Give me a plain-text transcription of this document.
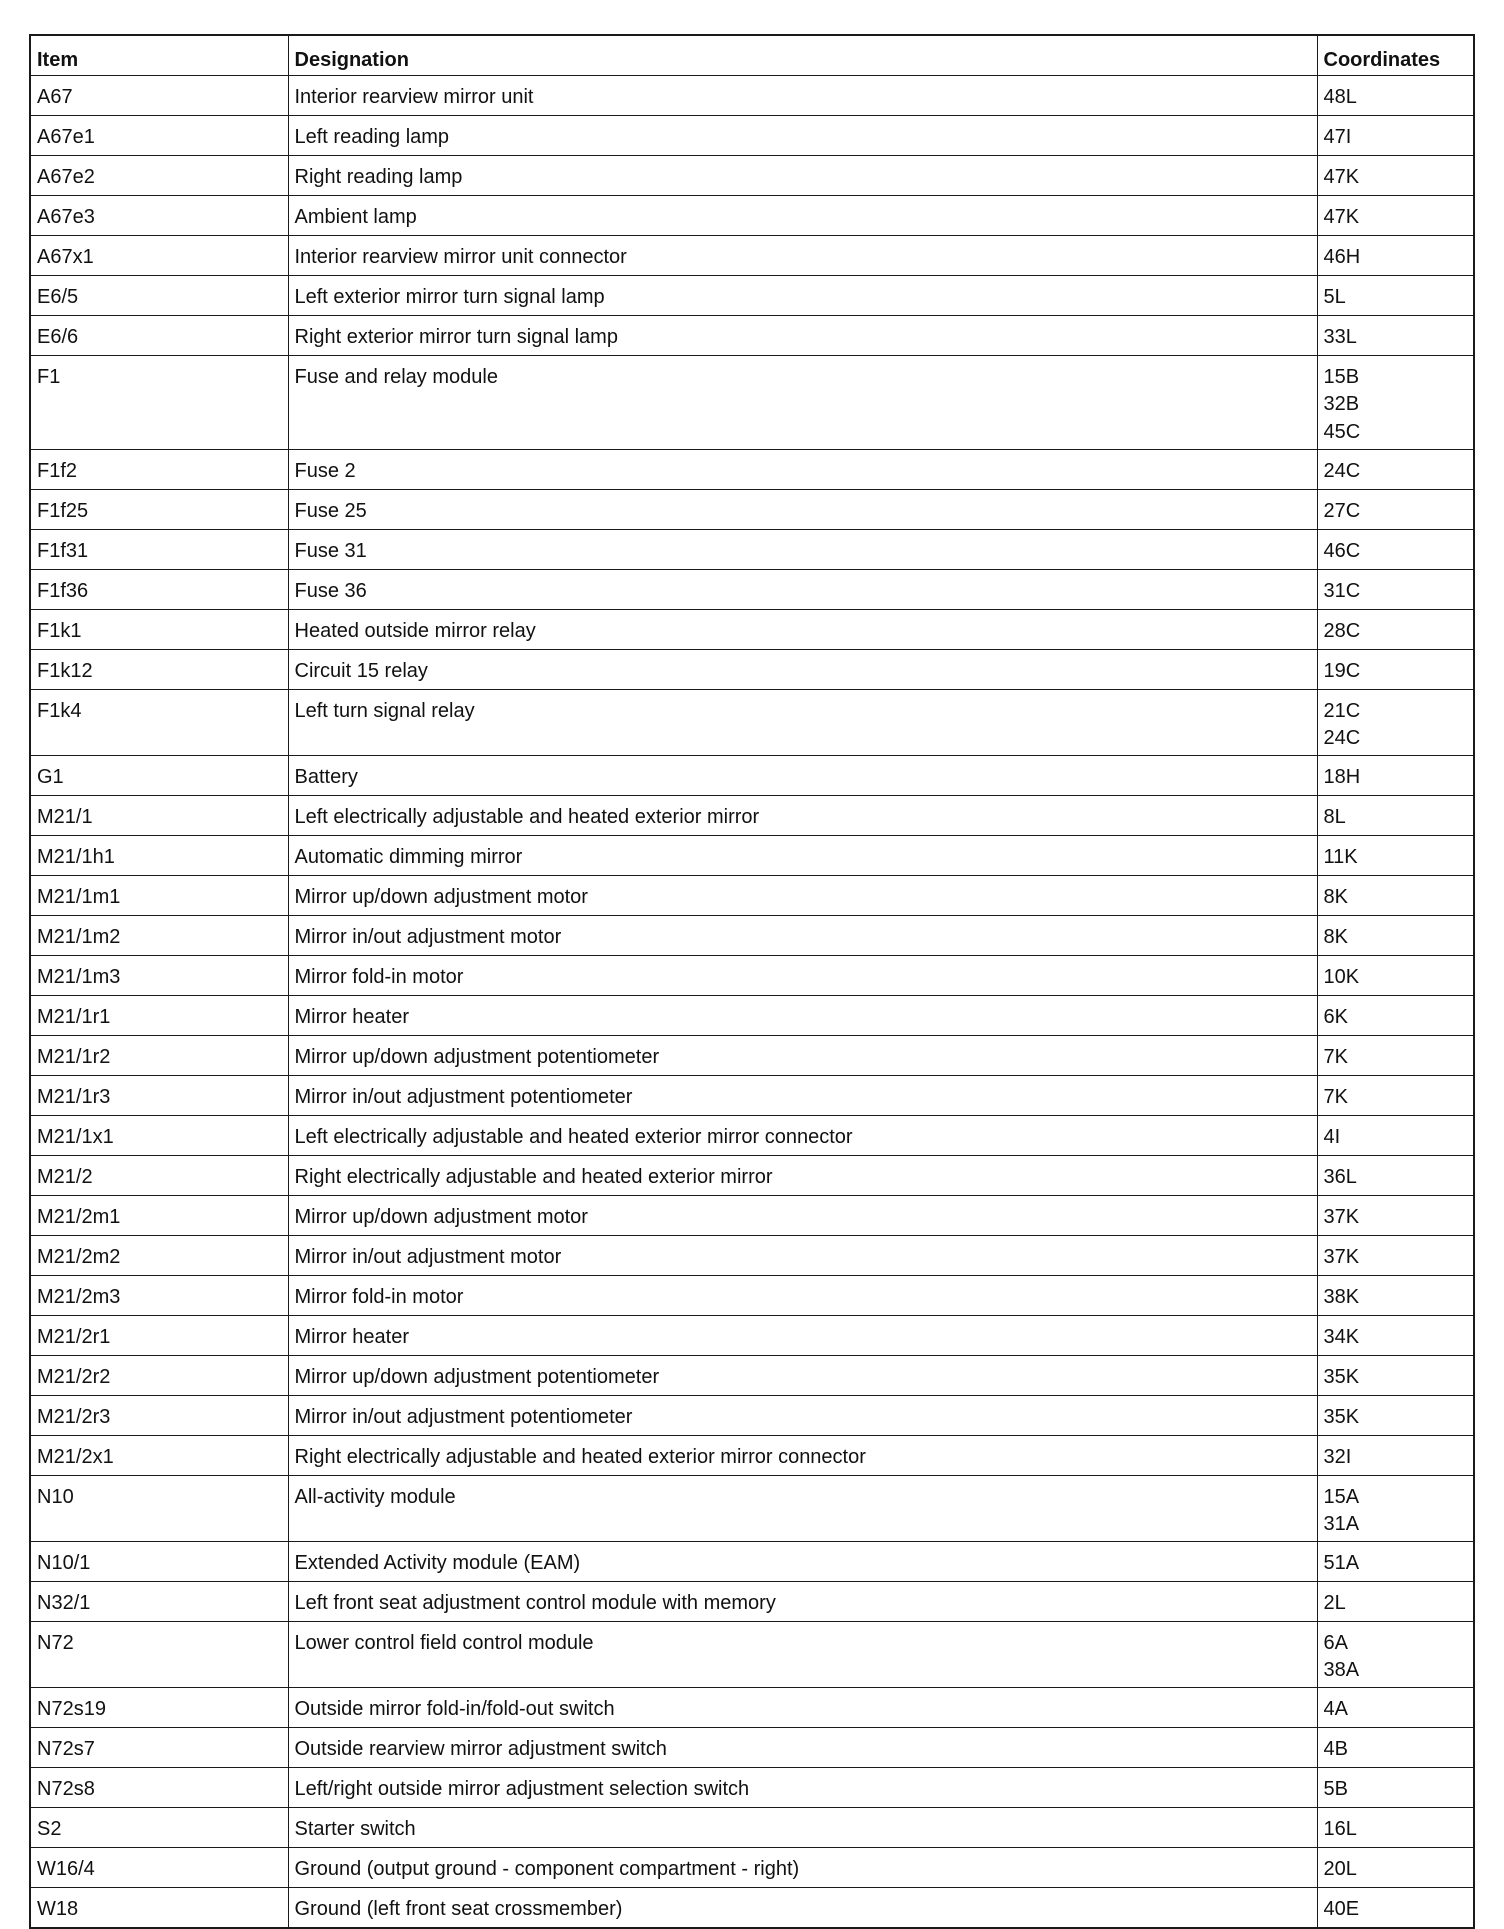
Item	Designation	Coordinates
A67	Interior rearview mirror unit	48L

A67e1	Left reading lamp	47I

A67e2	Right reading lamp	47K

A67e3	Ambient lamp	47K

A67x1	Interior rearview mirror unit connector	46H

E6/5	Left exterior mirror turn signal lamp	5L

E6/6	Right exterior mirror turn signal lamp	33L

F1	Fuse and relay module	15B
32B
45C

F1f2	Fuse 2	24C

F1f25	Fuse 25	27C

F1f31	Fuse 31	46C

F1f36	Fuse 36	31C

F1k1	Heated outside mirror relay	28C

F1k12	Circuit 15 relay	19C

F1k4	Left turn signal relay	21C
24C

G1	Battery	18H

M21/1	Left electrically adjustable and heated exterior mirror	8L

M21/1h1	Automatic dimming mirror	11K

M21/1m1	Mirror up/down adjustment motor	8K

M21/1m2	Mirror in/out adjustment motor	8K

M21/1m3	Mirror fold-in motor	10K

M21/1r1	Mirror heater	6K

M21/1r2	Mirror up/down adjustment potentiometer	7K

M21/1r3	Mirror in/out adjustment potentiometer	7K

M21/1x1	Left electrically adjustable and heated exterior mirror connector	4I

M21/2	Right electrically adjustable and heated exterior mirror	36L

M21/2m1	Mirror up/down adjustment motor	37K

M21/2m2	Mirror in/out adjustment motor	37K

M21/2m3	Mirror fold-in motor	38K

M21/2r1	Mirror heater	34K

M21/2r2	Mirror up/down adjustment potentiometer	35K

M21/2r3	Mirror in/out adjustment potentiometer	35K

M21/2x1	Right electrically adjustable and heated exterior mirror connector	32I

N10	All-activity module	15A
31A

N10/1	Extended Activity module (EAM)	51A

N32/1	Left front seat adjustment control module with memory	2L

N72	Lower control field control module	6A
38A

N72s19	Outside mirror fold-in/fold-out switch	4A

N72s7	Outside rearview mirror adjustment switch	4B

N72s8	Left/right outside mirror adjustment selection switch	5B

S2	Starter switch	16L

W16/4	Ground (output ground - component compartment - right)	20L

W18	Ground (left front seat crossmember)	40E
